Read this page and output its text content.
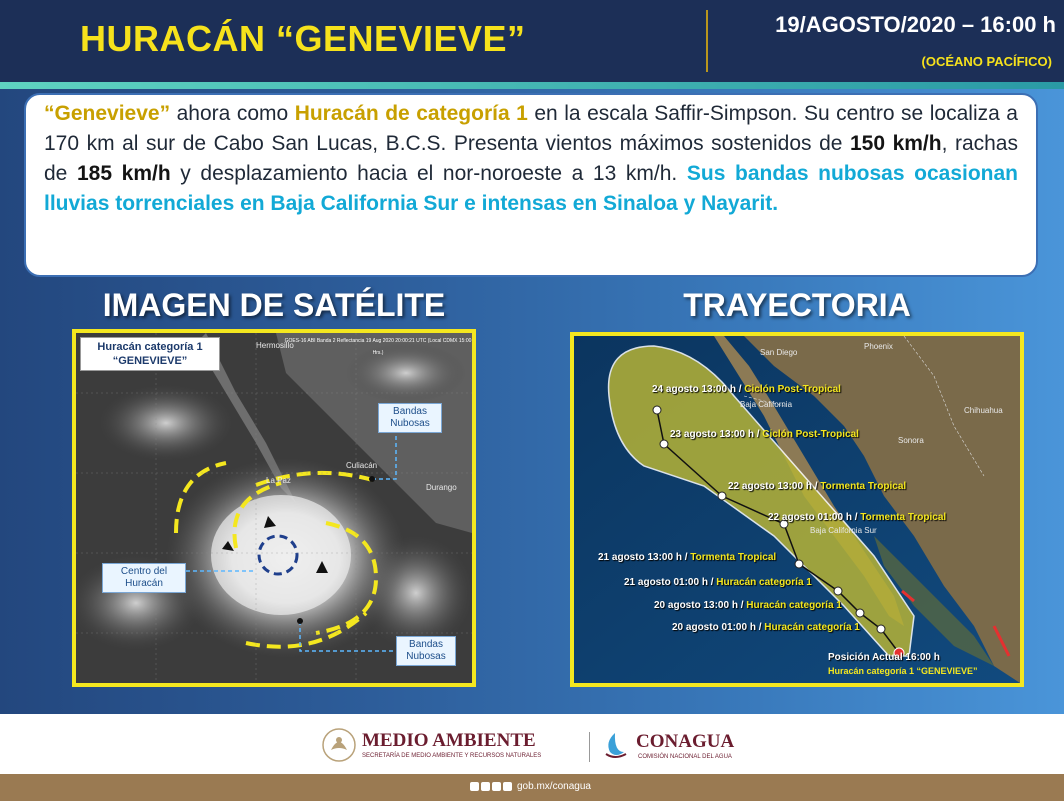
HURACÁN “GENEVIEVE”	19/AGOSTO/2020 – 16:00 h
(OCÉANO PACÍFICO)
“Genevieve” ahora como Huracán de categoría 1 en la escala Saffir-Simpson. Su centro se localiza a 170 km al sur de Cabo San Lucas, B.C.S. Presenta vientos máximos sostenidos de 150 km/h, rachas de 185 km/h y desplazamiento hacia el nor-noroeste a 13 km/h. Sus bandas nubosas ocasionan lluvias torrenciales en Baja California Sur e intensas en Sinaloa y Nayarit.
IMAGEN DE SATÉLITE	TRAYECTORIA
Huracán categoría 1
“GENEVIEVE”
GOES-16 ABI Banda 2 Reflectancia 19 Aug 2020 20:00:21 UTC (Local CDMX 15:00 Hrs.)
Bandas Nubosas
Centro del Huracán
Bandas Nubosas
Hermosillo
Culiacán
La Paz
Durango
24 agosto 13:00 h / Ciclón Post-Tropical
23 agosto 13:00 h / Ciclón Post-Tropical
22 agosto 13:00 h / Tormenta Tropical
22 agosto 01:00 h / Tormenta Tropical
21 agosto 13:00 h / Tormenta Tropical
21 agosto 01:00 h / Huracán categoría 1
20 agosto 13:00 h / Huracán categoría 1
20 agosto 01:00 h / Huracán categoría 1
Posición Actual 16:00 h
Huracán categoría 1 “GENEVIEVE”
San Diego
Phoenix
Baja California
Sonora
Baja California Sur
Chihuahua
MEDIO AMBIENTE
SECRETARÍA DE MEDIO AMBIENTE Y RECURSOS NATURALES
CONAGUA
COMISIÓN NACIONAL DEL AGUA
gob.mx/conagua
